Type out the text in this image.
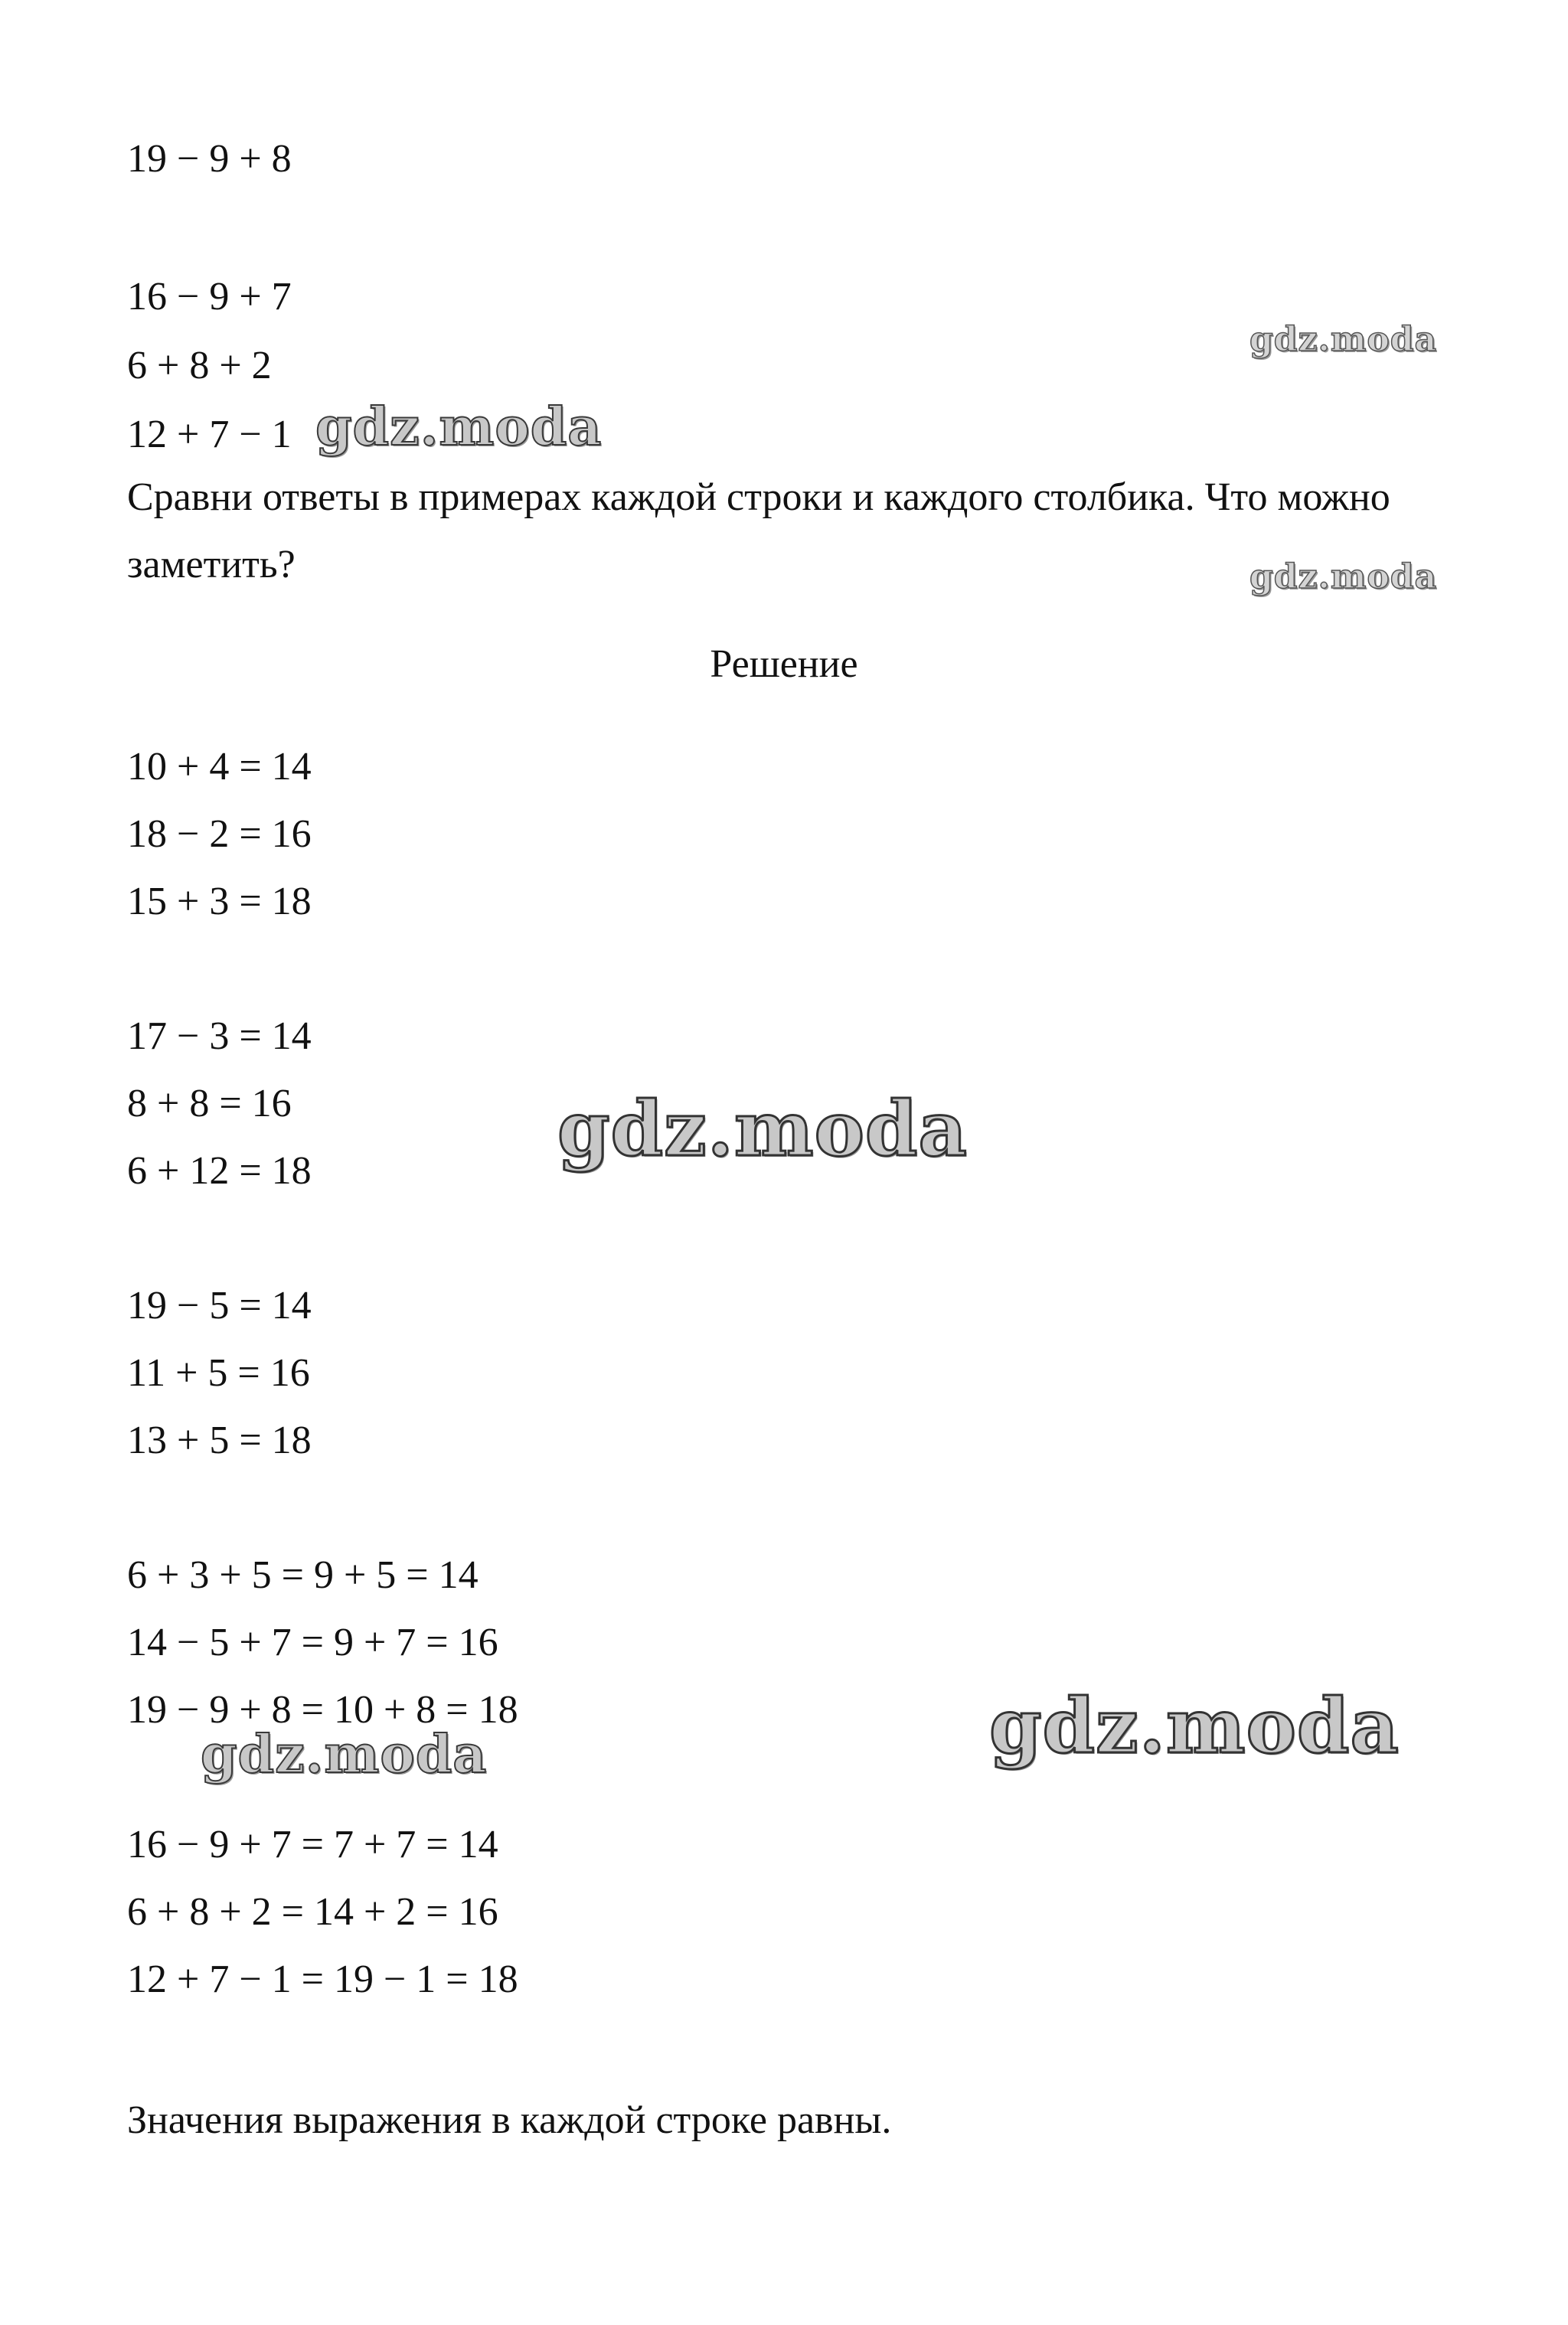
19 − 9 + 8
16 − 9 + 7
6 + 8 + 2
12 + 7 − 1
Сравни ответы в примерах каждой строки и каждого столбика. Что можно заметить?
Решение
10 + 4 = 14
18 − 2 = 16
15 + 3 = 18
17 − 3 = 14
8 + 8 = 16
6 + 12 = 18
19 − 5 = 14
11 + 5 = 16
13 + 5 = 18
6 + 3 + 5 = 9 + 5 = 14
14 − 5 + 7 = 9 + 7 = 16
19 − 9 + 8 = 10 + 8 = 18
16 − 9 + 7 = 7 + 7 = 14
6 + 8 + 2 = 14 + 2 = 16
12 + 7 − 1 = 19 − 1 = 18
Значения выражения в каждой строке равны.
gdz.moda
gdz.moda
gdz.moda
gdz.moda
gdz.moda
gdz.moda
